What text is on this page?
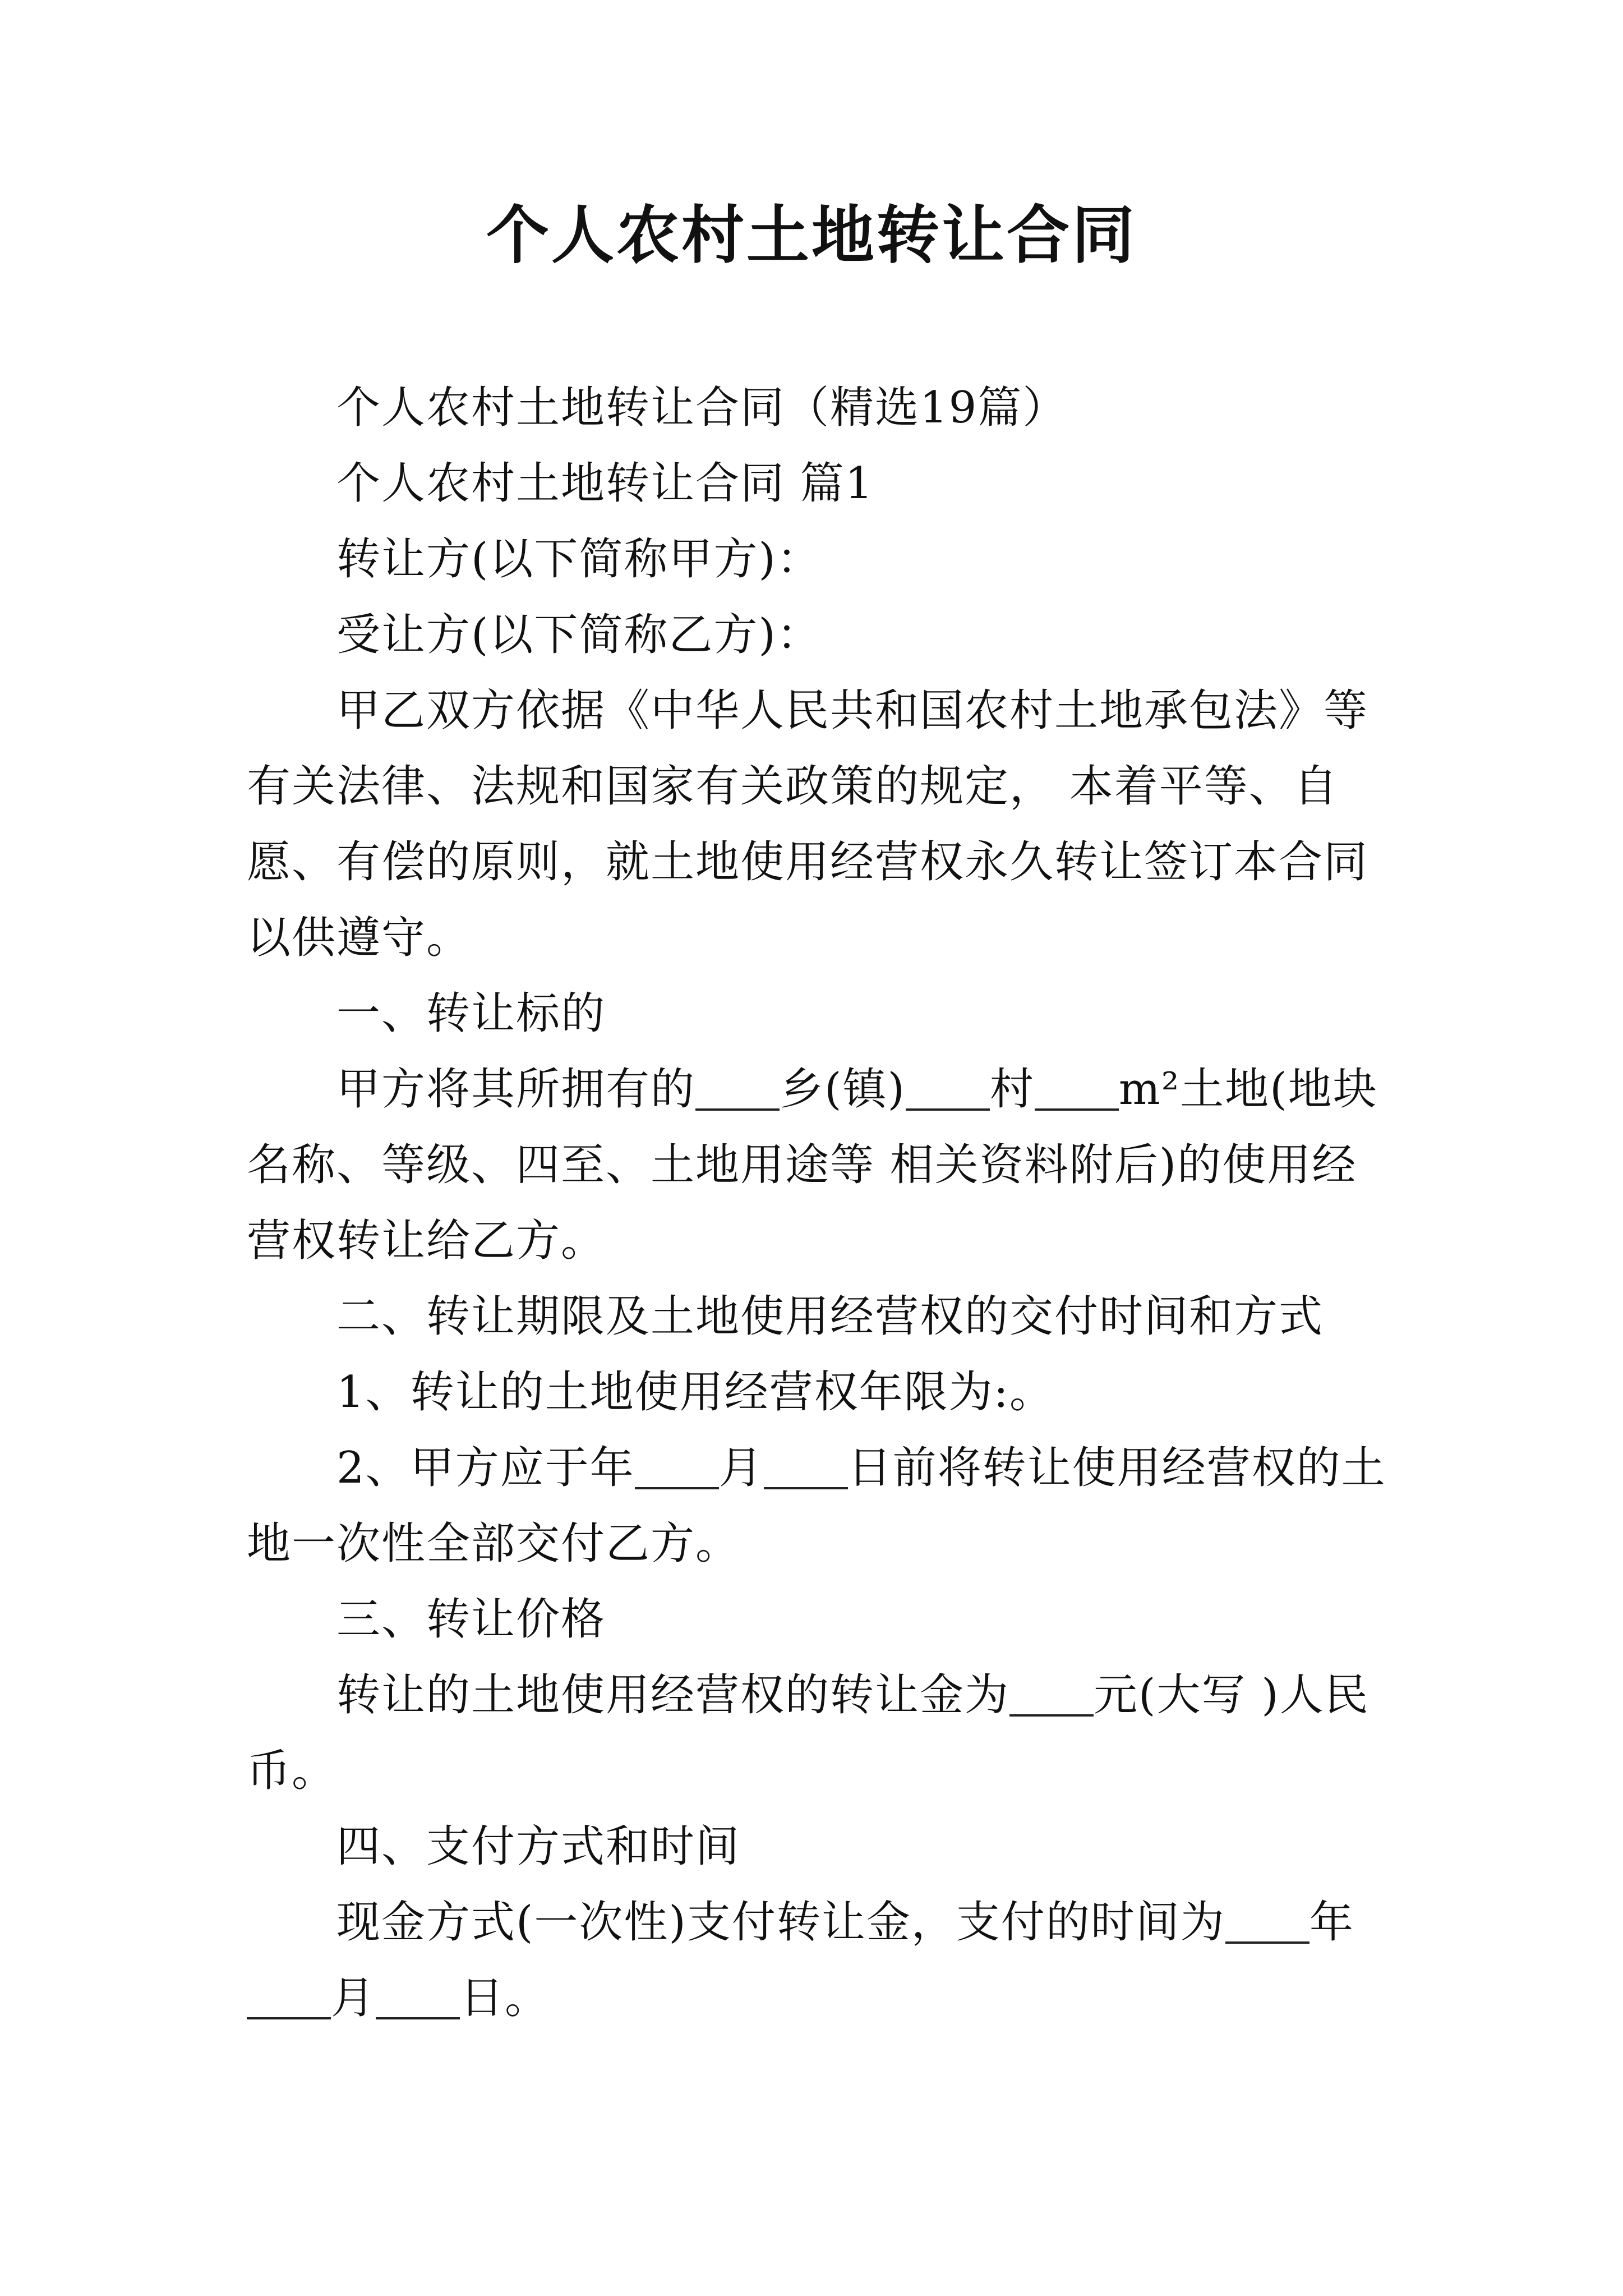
个人农村土地转让合同

个人农村土地转让合同（精选19篇）

个人农村土地转让合同 篇1

转让方(以下简称甲方)：

受让方(以下简称乙方)：

甲乙双方依据《中华人民共和国农村土地承包法》等有关法律、法规和国家有关政策的规定， 本着平等、自愿、有偿的原则，就土地使用经营权永久转让签订本合同以供遵守。

一、转让标的

甲方将其所拥有的 乡(镇) 村 m²土地(地块名称、等级、四至、土地用途等 相关资料附后)的使用经营权转让给乙方。

二、转让期限及土地使用经营权的交付时间和方式

1、转让的土地使用经营权年限为:。

2、甲方应于年 月 日前将转让使用经营权的土地一次性全部交付乙方。

三、转让价格

转让的土地使用经营权的转让金为 元(大写 )人民币。

四、支付方式和时间

现金方式(一次性)支付转让金，支付的时间为 年
月 日。
